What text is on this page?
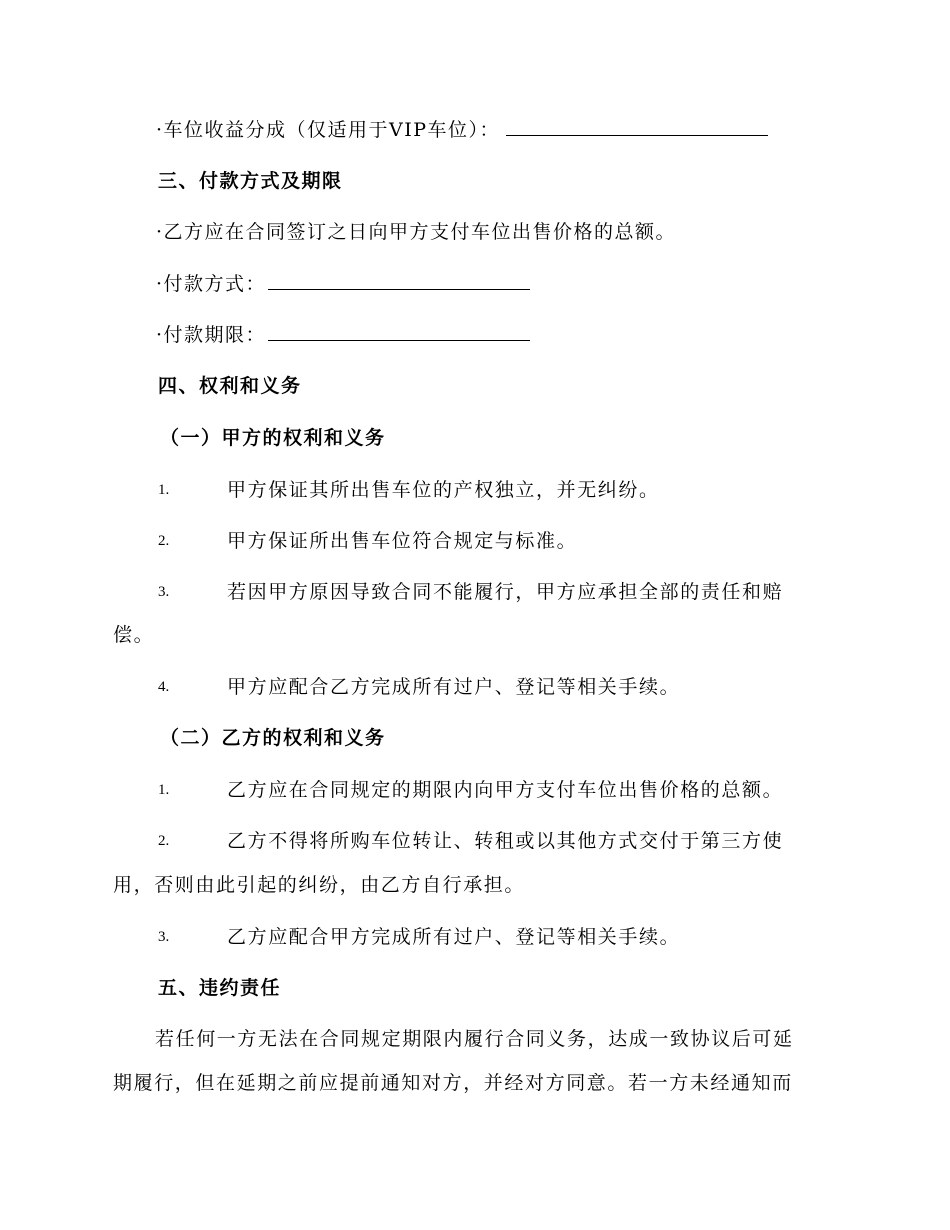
·车位收益分成（仅适用于VIP车位）：
三、付款方式及期限
·乙方应在合同签订之日向甲方支付车位出售价格的总额。
·付款方式：
·付款期限：
四、权利和义务
（一）甲方的权利和义务
1.	甲方保证其所出售车位的产权独立，并无纠纷。
2.	甲方保证所出售车位符合规定与标准。
3.	若因甲方原因导致合同不能履行，甲方应承担全部的责任和赔
偿。
4.	甲方应配合乙方完成所有过户、登记等相关手续。
（二）乙方的权利和义务
1.	乙方应在合同规定的期限内向甲方支付车位出售价格的总额。
2.	乙方不得将所购车位转让、转租或以其他方式交付于第三方使
用，否则由此引起的纠纷，由乙方自行承担。
3.	乙方应配合甲方完成所有过户、登记等相关手续。
五、违约责任
若任何一方无法在合同规定期限内履行合同义务，达成一致协议后可延
期履行，但在延期之前应提前通知对方，并经对方同意。若一方未经通知而
